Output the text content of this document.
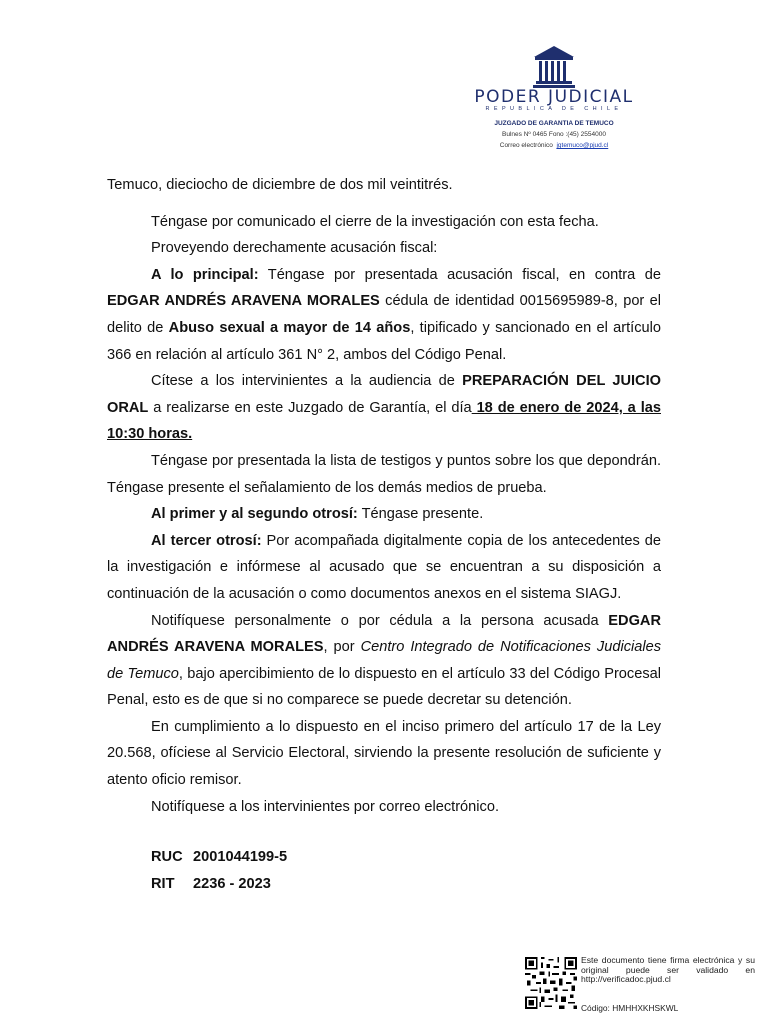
PODER JUDICIAL
REPUBLICA DE CHILE
JUZGADO DE GARANTIA DE TEMUCO
Bulnes Nº 0465 Fono :(45) 2554000
Correo electrónico jgtemuco@pjud.cl

Temuco, dieciocho de diciembre de dos mil veintitrés.

Téngase por comunicado el cierre de la investigación con esta fecha.

Proveyendo derechamente acusación fiscal:

A lo principal: Téngase por presentada acusación fiscal, en contra de EDGAR ANDRÉS ARAVENA MORALES cédula de identidad 0015695989-8, por el delito de Abuso sexual a mayor de 14 años, tipificado y sancionado en el artículo 366 en relación al artículo 361 N° 2, ambos del Código Penal.

Cítese a los intervinientes a la audiencia de PREPARACIÓN DEL JUICIO ORAL a realizarse en este Juzgado de Garantía, el día 18 de enero de 2024, a las 10:30 horas.

Téngase por presentada la lista de testigos y puntos sobre los que depondrán. Téngase presente el señalamiento de los demás medios de prueba.

Al primer y al segundo otrosí: Téngase presente.

Al tercer otrosí: Por acompañada digitalmente copia de los antecedentes de la investigación e infórmese al acusado que se encuentran a su disposición a continuación de la acusación o como documentos anexos en el sistema SIAGJ.

Notifíquese personalmente o por cédula a la persona acusada EDGAR ANDRÉS ARAVENA MORALES, por Centro Integrado de Notificaciones Judiciales de Temuco, bajo apercibimiento de lo dispuesto en el artículo 33 del Código Procesal Penal, esto es de que si no comparece se puede decretar su detención.

En cumplimiento a lo dispuesto en el inciso primero del artículo 17 de la Ley 20.568, ofíciese al Servicio Electoral, sirviendo la presente resolución de suficiente y atento oficio remisor.

Notifíquese a los intervinientes por correo electrónico.

RUC 2001044199-5

RIT 2236 - 2023

Este documento tiene firma electrónica y su original puede ser validado en http://verificadoc.pjud.cl
Código: HMHHXKHSKWL
